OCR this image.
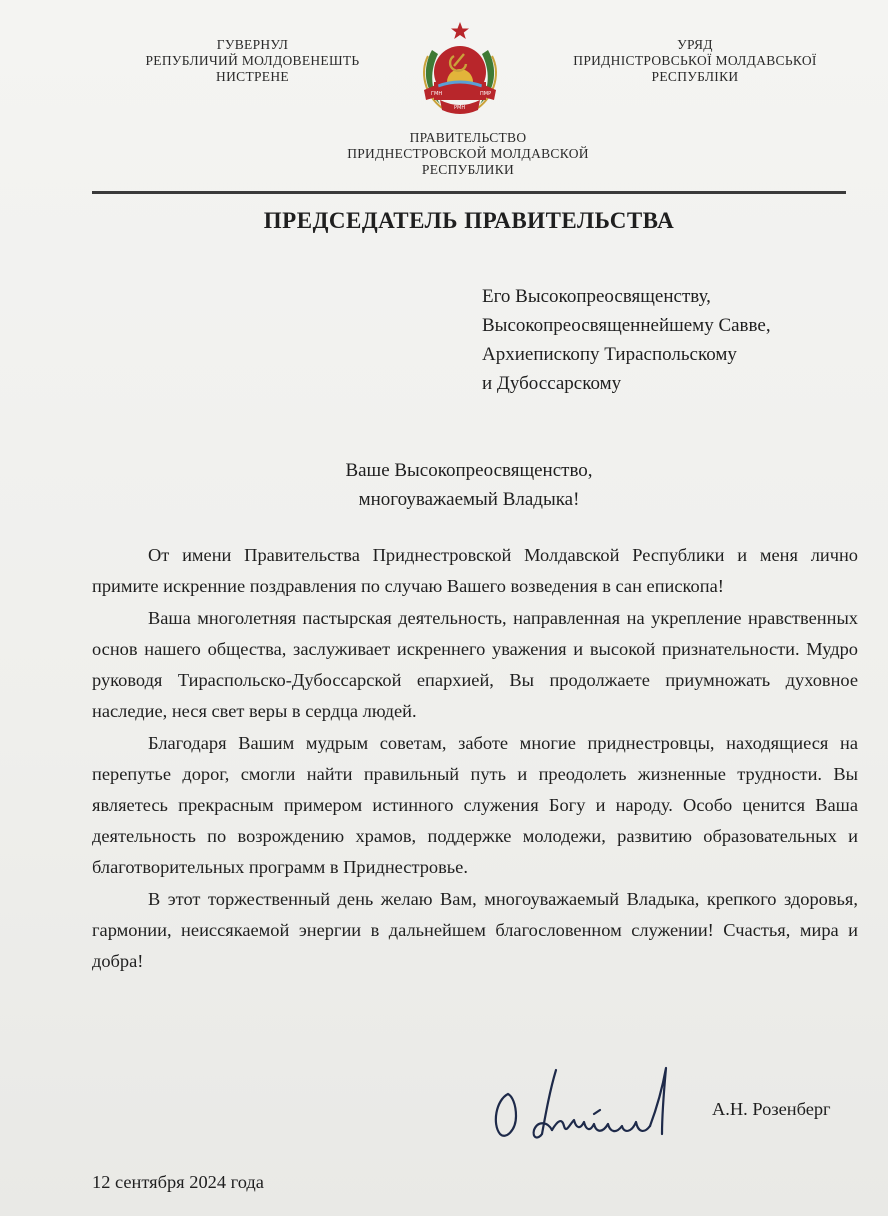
ГУВЕРНУЛ
РЕПУБЛИЧИЙ МОЛДОВЕНЕШТЬ
НИСТРЕНЕ
ГМН	ПМР
РМН
УРЯД
ПРИДНІСТРОВСЬКОЇ МОЛДАВСЬКОЇ
РЕСПУБЛІКИ
ПРАВИТЕЛЬСТВО
ПРИДНЕСТРОВСКОЙ МОЛДАВСКОЙ
РЕСПУБЛИКИ
ПРЕДСЕДАТЕЛЬ ПРАВИТЕЛЬСТВА
Его Высокопреосвященству,
Высокопреосвященнейшему Савве,
Архиепископу Тираспольскому
и Дубоссарскому
Ваше Высокопреосвященство,
многоуважаемый Владыка!

От имени Правительства Приднестровской Молдавской Республики и меня лично примите искренние поздравления по случаю Вашего возведения в сан епископа!

Ваша многолетняя пастырская деятельность, направленная на укрепление нравственных основ нашего общества, заслуживает искреннего уважения и высокой признательности. Мудро руководя Тираспольско-Дубоссарской епархией, Вы продолжаете приумножать духовное наследие, неся свет веры в сердца людей.

Благодаря Вашим мудрым советам, заботе многие приднестровцы, находящиеся на перепутье дорог, смогли найти правильный путь и преодолеть жизненные трудности. Вы являетесь прекрасным примером истинного служения Богу и народу. Особо ценится Ваша деятельность по возрождению храмов, поддержке молодежи, развитию образовательных и благотворительных программ в Приднестровье.

В этот торжественный день желаю Вам, многоуважаемый Владыка, крепкого здоровья, гармонии, неиссякаемой энергии в дальнейшем благословенном служении! Счастья, мира и добра!

А.Н. Розенберг
12 сентября 2024 года
